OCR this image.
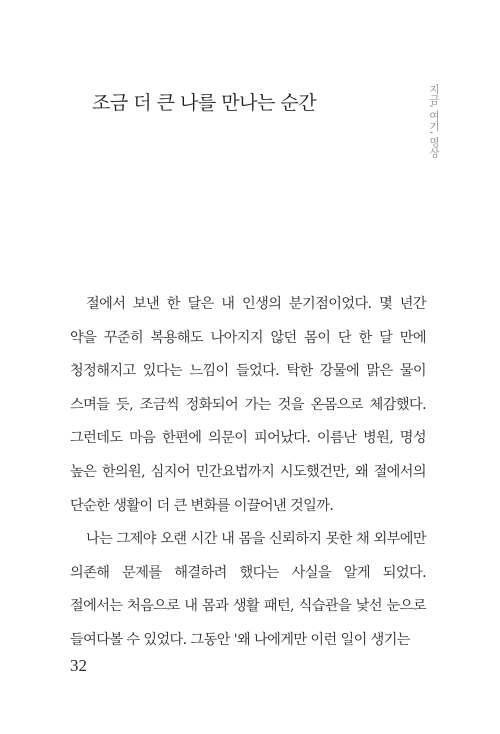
조금 더 큰 나를 만나는 순간	지금, 여기, 명상

절에서 보낸 한 달은 내 인생의 분기점이었다. 몇 년간 약을 꾸준히 복용해도 나아지지 않던 몸이 단 한 달 만에 청정해지고 있다는 느낌이 들었다. 탁한 강물에 맑은 물이 스며들 듯, 조금씩 정화되어 가는 것을 온몸으로 체감했다. 그런데도 마음 한편에 의문이 피어났다. 이름난 병원, 명성 높은 한의원, 심지어 민간요법까지 시도했건만, 왜 절에서의 단순한 생활이 더 큰 변화를 이끌어낸 것일까.

나는 그제야 오랜 시간 내 몸을 신뢰하지 못한 채 외부에만 의존해 문제를 해결하려 했다는 사실을 알게 되었다. 절에서는 처음으로 내 몸과 생활 패턴, 식습관을 낯선 눈으로 들여다볼 수 있었다. 그동안 '왜 나에게만 이런 일이 생기는

32
